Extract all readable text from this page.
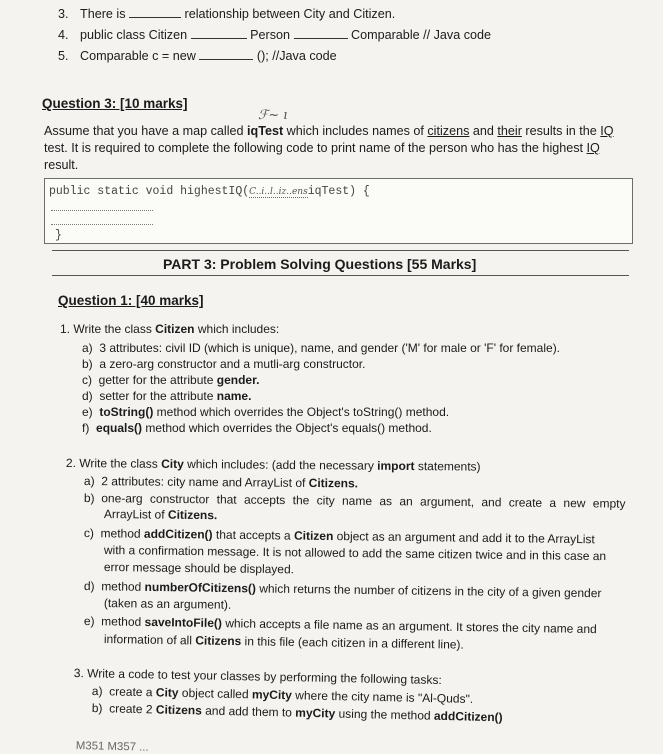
3. There is	relationship between City and Citizen.
4. public class Citizen	Person	Comparable // Java code
5. Comparable c = new	(); //Java code
Question 3: [10 marks]
ℱ~ ı
Assume that you have a map called iqTest which includes names of citizens and their results in the IQ
test. It is required to complete the following code to print name of the person who has the highest IQ
result.
public static void highestIQ(C..i..l..iz..ensiqTest) {
}
PART 3: Problem Solving Questions [55 Marks]
Question 1: [40 marks]
1. Write the class Citizen which includes:
a) 3 attributes: civil ID (which is unique), name, and gender ('M' for male or 'F' for female).
b) a zero-arg constructor and a mutli-arg constructor.
c) getter for the attribute gender.
d) setter for the attribute name.
e) toString() method which overrides the Object's toString() method.
f) equals() method which overrides the Object's equals() method.
2. Write the class City which includes: (add the necessary import statements)
a) 2 attributes: city name and ArrayList of Citizens.
b) one-arg constructor that accepts the city name as an argument, and create a new empty
ArrayList of Citizens.
c) method addCitizen() that accepts a Citizen object as an argument and add it to the ArrayList
with a confirmation message. It is not allowed to add the same citizen twice and in this case an
error message should be displayed.
d) method numberOfCitizens() which returns the number of citizens in the city of a given gender
(taken as an argument).
e) method saveIntoFile() which accepts a file name as an argument. It stores the city name and
information of all Citizens in this file (each citizen in a different line).
3. Write a code to test your classes by performing the following tasks:
a) create a City object called myCity where the city name is "Al-Quds".
b) create 2 Citizens and add them to myCity using the method addCitizen()
M351 M357 ...
